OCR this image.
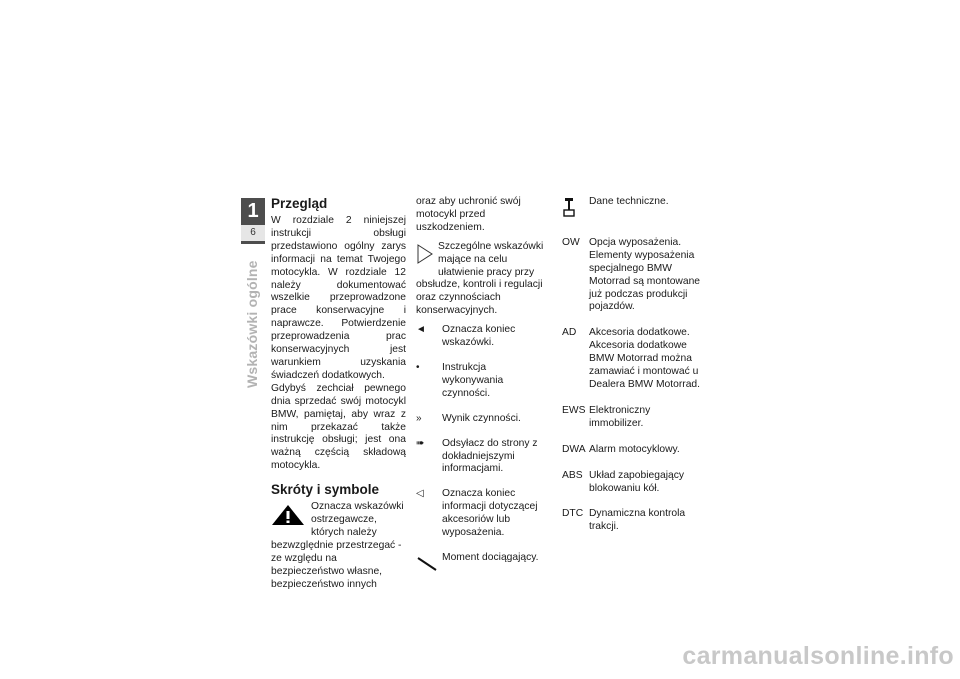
1
6
Wskazówki ogólne
Przegląd

W rozdziale 2 niniejszej instrukcji obsługi przedstawiono ogólny zarys informacji na temat Twojego motocykla. W rozdziale 12 należy dokumentować wszelkie przeprowadzone prace konserwacyjne i naprawcze. Potwierdzenie przeprowadzenia prac konserwacyjnych jest warunkiem uzyskania świadczeń dodatkowych.

Gdybyś zechciał pewnego dnia sprzedać swój motocykl BMW, pamiętaj, aby wraz z nim przekazać także instrukcję obsługi; jest ona ważną częścią składową motocykla.

Skróty i symbole
Oznacza wskazówki ostrzegawcze, których należy bezwzględnie przestrzegać - ze względu na bezpieczeństwo własne, bezpieczeństwo innych

oraz aby uchronić swój motocykl przed uszkodzeniem.

Szczególne wskazówki mające na celu ułatwienie pracy przy obsłudze, kontroli i regulacji oraz czynnościach konserwacyjnych.
◄	Oznacza koniec wskazówki.
•	Instrukcja wykonywania czynności.
»	Wynik czynności.
➠	Odsyłacz do strony z dokładniejszymi informacjami.
◁	Oznacza koniec informacji dotyczącej akcesoriów lub wyposażenia.
Moment dociągający.
Dane techniczne.
OW Opcja wyposażenia. Elementy wyposażenia specjalnego BMW Motorrad są montowane już podczas produkcji pojazdów.
AD	Akcesoria dodatkowe. Akcesoria dodatkowe BMW Motorrad można zamawiać i montować u Dealera BMW Motorrad.
EWS Elektroniczny immobilizer.
DWA Alarm motocyklowy.
ABS Układ zapobiegający blokowaniu kół.
DTC Dynamiczna kontrola trakcji.
carmanualsonline.info
